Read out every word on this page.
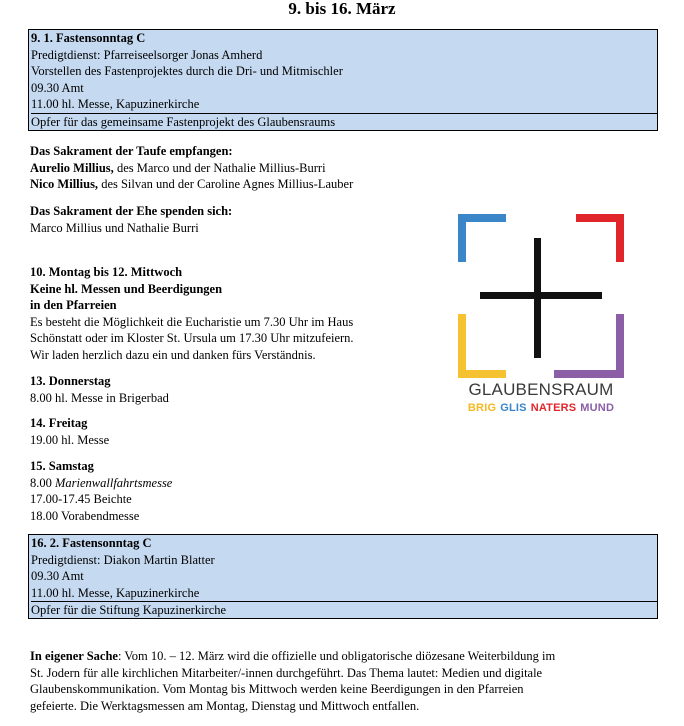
9. bis 16. März
9. 1. Fastensonntag C
Predigtdienst: Pfarreiseelsorger Jonas Amherd
Vorstellen des Fastenprojektes durch die Dri- und Mitmischler
09.30 Amt
11.00 hl. Messe, Kapuzinerkirche
Opfer für das gemeinsame Fastenprojekt des Glaubensraums
Das Sakrament der Taufe empfangen:
Aurelio Millius, des Marco und der Nathalie Millius-Burri
Nico Millius, des Silvan und der Caroline Agnes Millius-Lauber
Das Sakrament der Ehe spenden sich:
Marco Millius und Nathalie Burri
10. Montag bis 12. Mittwoch
Keine hl. Messen und Beerdigungen
in den Pfarreien
Es besteht die Möglichkeit die Eucharistie um 7.30 Uhr im Haus
Schönstatt oder im Kloster St. Ursula um 17.30 Uhr mitzufeiern.
Wir laden herzlich dazu ein und danken fürs Verständnis.
13. Donnerstag
8.00 hl. Messe in Brigerbad
14. Freitag
19.00 hl. Messe
15. Samstag
8.00 Marienwallfahrtsmesse
17.00-17.45 Beichte
18.00 Vorabendmesse
16. 2. Fastensonntag C
Predigtdienst: Diakon Martin Blatter
09.30 Amt
11.00 hl. Messe, Kapuzinerkirche
Opfer für die Stiftung Kapuzinerkirche
In eigener Sache: Vom 10. – 12. März wird die offizielle und obligatorische diözesane Weiterbildung im
St. Jodern für alle kirchlichen Mitarbeiter/-innen durchgeführt. Das Thema lautet: Medien und digitale
Glaubenskommunikation. Vom Montag bis Mittwoch werden keine Beerdigungen in den Pfarreien
gefeierte. Die Werktagsmessen am Montag, Dienstag und Mittwoch entfallen.
GLAUBENSRAUM
BRIG GLIS NATERS MUND
